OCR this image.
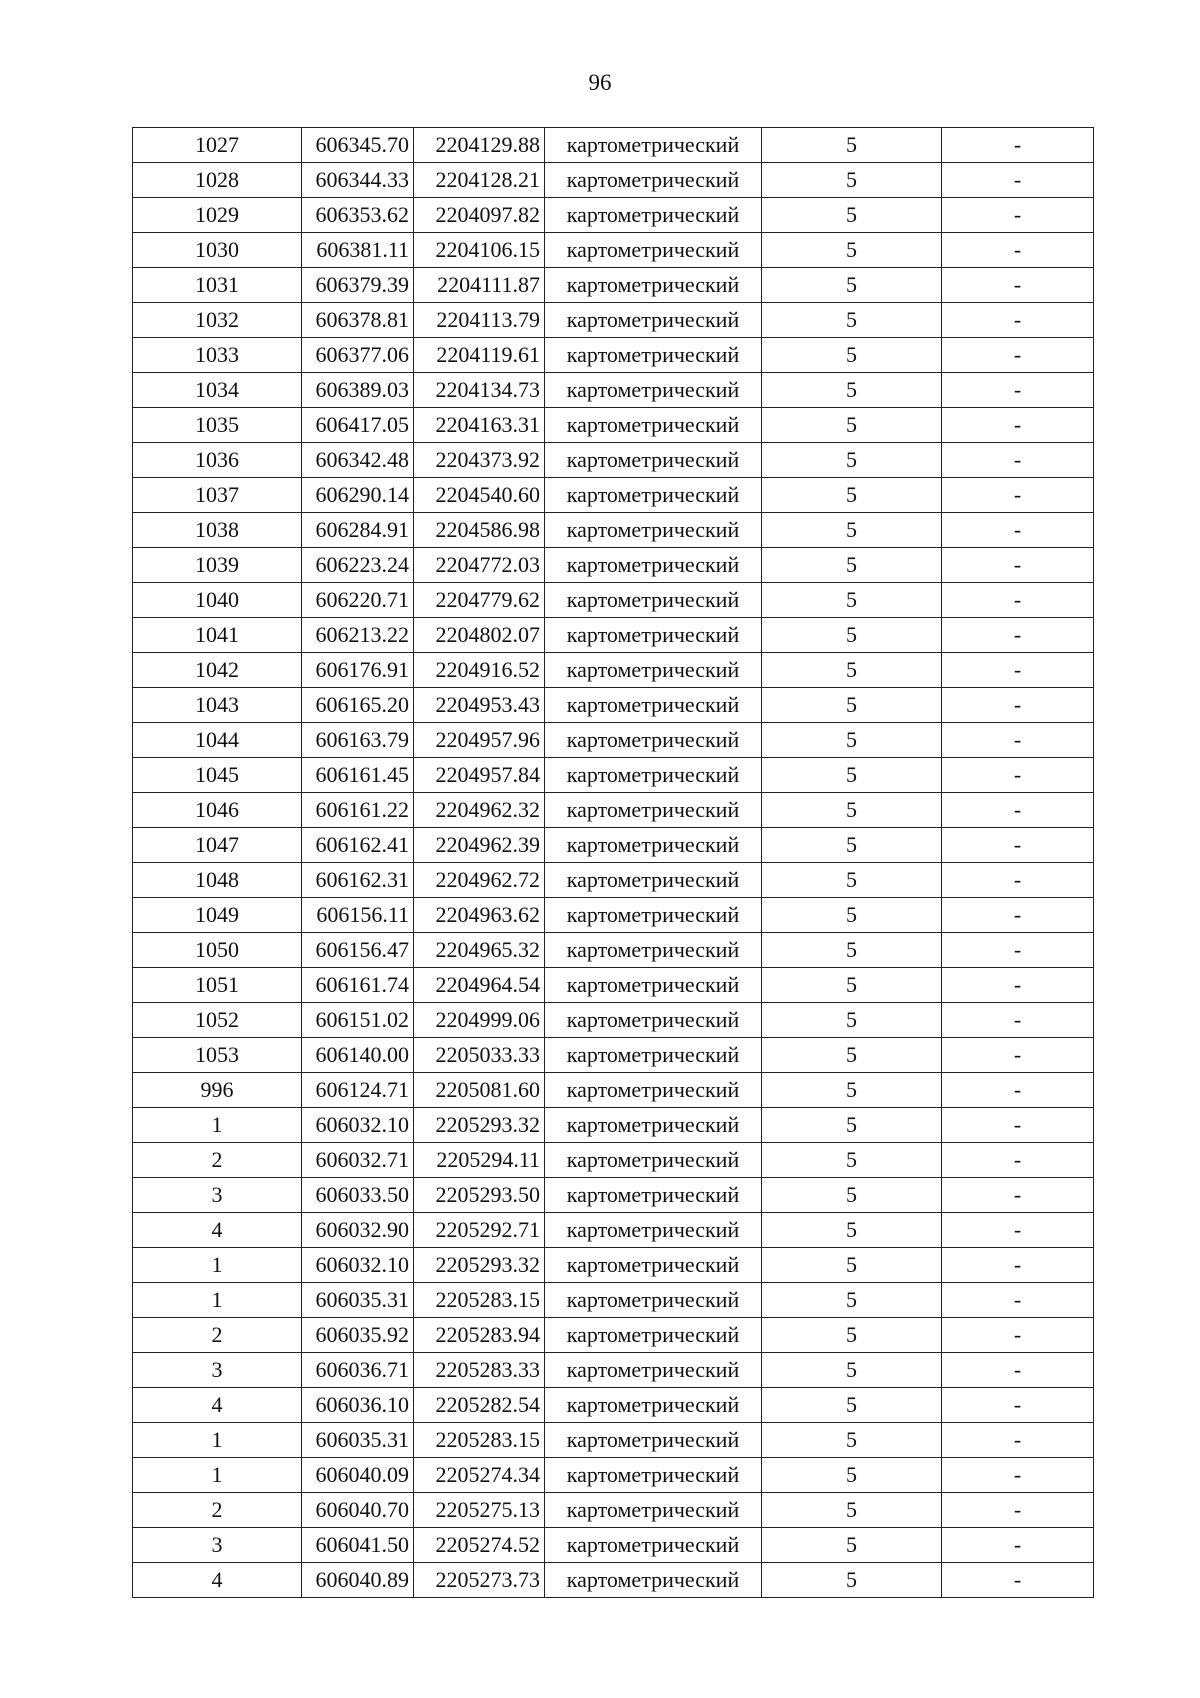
96
1027	606345.70	2204129.88	картометрический	5	-
1028	606344.33	2204128.21	картометрический	5	-
1029	606353.62	2204097.82	картометрический	5	-
1030	606381.11	2204106.15	картометрический	5	-
1031	606379.39	2204111.87	картометрический	5	-
1032	606378.81	2204113.79	картометрический	5	-
1033	606377.06	2204119.61	картометрический	5	-
1034	606389.03	2204134.73	картометрический	5	-
1035	606417.05	2204163.31	картометрический	5	-
1036	606342.48	2204373.92	картометрический	5	-
1037	606290.14	2204540.60	картометрический	5	-
1038	606284.91	2204586.98	картометрический	5	-
1039	606223.24	2204772.03	картометрический	5	-
1040	606220.71	2204779.62	картометрический	5	-
1041	606213.22	2204802.07	картометрический	5	-
1042	606176.91	2204916.52	картометрический	5	-
1043	606165.20	2204953.43	картометрический	5	-
1044	606163.79	2204957.96	картометрический	5	-
1045	606161.45	2204957.84	картометрический	5	-
1046	606161.22	2204962.32	картометрический	5	-
1047	606162.41	2204962.39	картометрический	5	-
1048	606162.31	2204962.72	картометрический	5	-
1049	606156.11	2204963.62	картометрический	5	-
1050	606156.47	2204965.32	картометрический	5	-
1051	606161.74	2204964.54	картометрический	5	-
1052	606151.02	2204999.06	картометрический	5	-
1053	606140.00	2205033.33	картометрический	5	-
996	606124.71	2205081.60	картометрический	5	-
1	606032.10	2205293.32	картометрический	5	-
2	606032.71	2205294.11	картометрический	5	-
3	606033.50	2205293.50	картометрический	5	-
4	606032.90	2205292.71	картометрический	5	-
1	606032.10	2205293.32	картометрический	5	-
1	606035.31	2205283.15	картометрический	5	-
2	606035.92	2205283.94	картометрический	5	-
3	606036.71	2205283.33	картометрический	5	-
4	606036.10	2205282.54	картометрический	5	-
1	606035.31	2205283.15	картометрический	5	-
1	606040.09	2205274.34	картометрический	5	-
2	606040.70	2205275.13	картометрический	5	-
3	606041.50	2205274.52	картометрический	5	-
4	606040.89	2205273.73	картометрический	5	-
